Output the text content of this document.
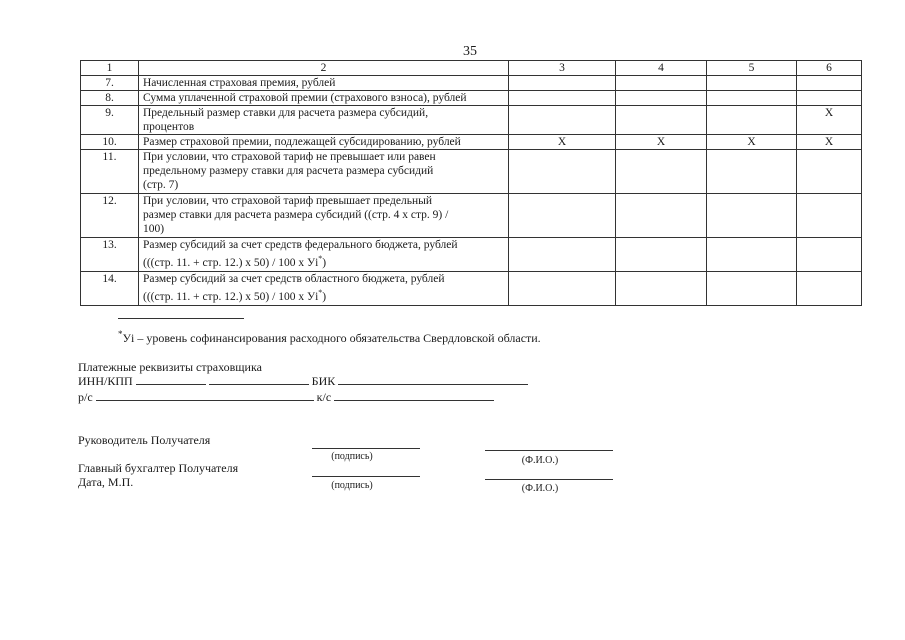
35
1	2	3	4	5	6
7.	Начисленная страховая премия, рублей				

8.	Сумма уплаченной страховой премии (страхового взноса), рублей				

9.	Предельный размер ставки для расчета размера субсидий,
процентов				X
10.	Размер страховой премии, подлежащей субсидированию, рублей	X	X	X	X
11.	При условии, что страховой тариф не превышает или равен
предельному размеру ставки для расчета размера субсидий
(стр. 7)				

12.	При условии, что страховой тариф превышает предельный
размер ставки для расчета размера субсидий ((стр. 4 х стр. 9) /
100)				

13.	Размер субсидий за счет средств федерального бюджета, рублей
(((стр. 11. + стр. 12.) х 50) / 100 х Уi*)				

14.	Размер субсидий за счет средств областного бюджета, рублей
(((стр. 11. + стр. 12.) х 50) / 100 х Уi*)				

*Уi – уровень софинансирования расходного обязательства Свердловской области.
Платежные реквизиты страховщика
ИНН/КПП	БИК
р/с	к/с
Руководитель Получателя
(подпись)	(Ф.И.О.)
Главный бухгалтер Получателя
Дата, М.П.	(подпись)	(Ф.И.О.)
